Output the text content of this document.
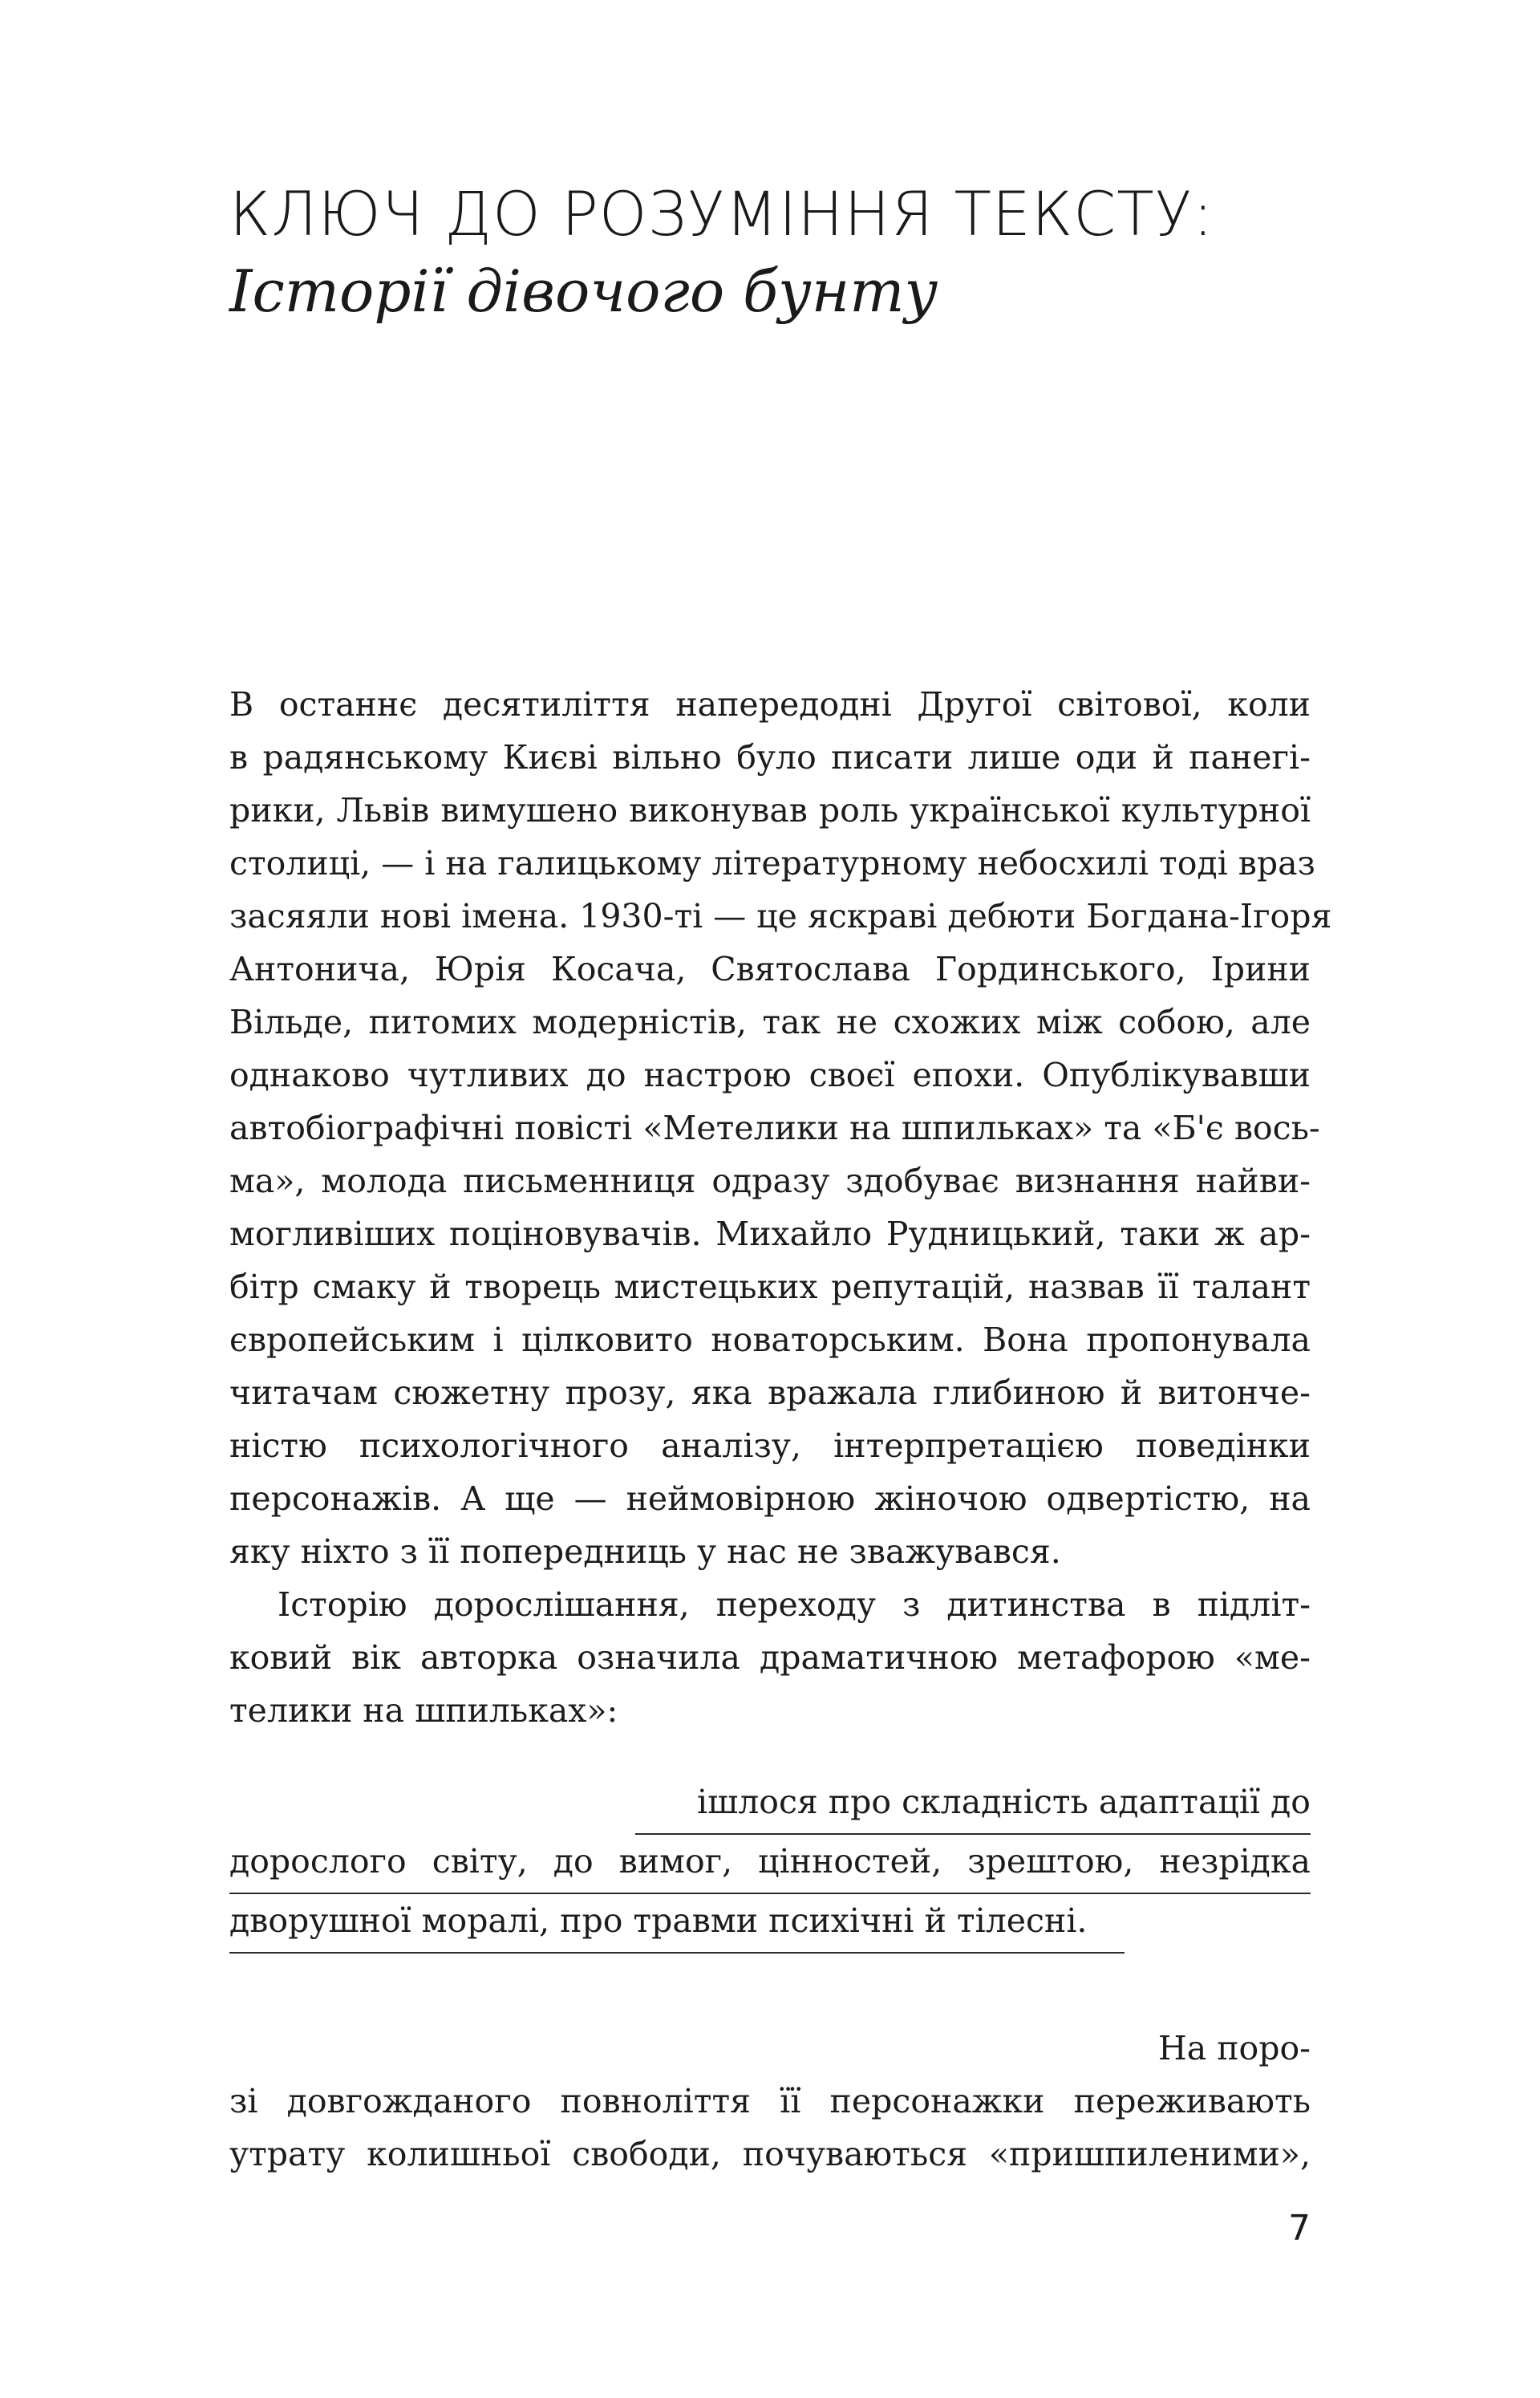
КЛЮЧ ДО РОЗУМІННЯ ТЕКСТУ:
Історії дівочого бунту
В останнє десятиліття напередодні Другої світової, коли
в радянському Києві вільно було писати лише оди й панегі-
рики, Львів вимушено виконував роль української культурної
столиці, — і на галицькому літературному небосхилі тоді враз
засяяли нові імена. 1930-ті — це яскраві дебюти Богдана-Ігоря
Антонича, Юрія Косача, Святослава Гординського, Ірини
Вільде, питомих модерністів, так не схожих між собою, але
однаково чутливих до настрою своєї епохи. Опублікувавши
автобіографічні повісті «Метелики на шпильках» та «Б'є вось-
ма», молода письменниця одразу здобуває визнання найви-
могливіших поціновувачів. Михайло Рудницький, таки ж ар-
бітр смаку й творець мистецьких репутацій, назвав її талант
європейським і цілковито новаторським. Вона пропонувала
читачам сюжетну прозу, яка вражала глибиною й витонче-
ністю психологічного аналізу, інтерпретацією поведінки
персонажів. А ще — неймовірною жіночою одвертістю, на
яку ніхто з її попередниць у нас не зважувався.
Історію дорослішання, переходу з дитинства в підліт-
ковий вік авторка означила драматичною метафорою «ме-
телики на шпильках»:
ішлося про складність адаптації до
дорослого світу, до вимог, цінностей, зрештою, незрідка
дворушної моралі, про травми психічні й тілесні.
На поро-
зі довгожданого повноліття її персонажки переживають
утрату колишньої свободи, почуваються «пришпиленими»,
7
